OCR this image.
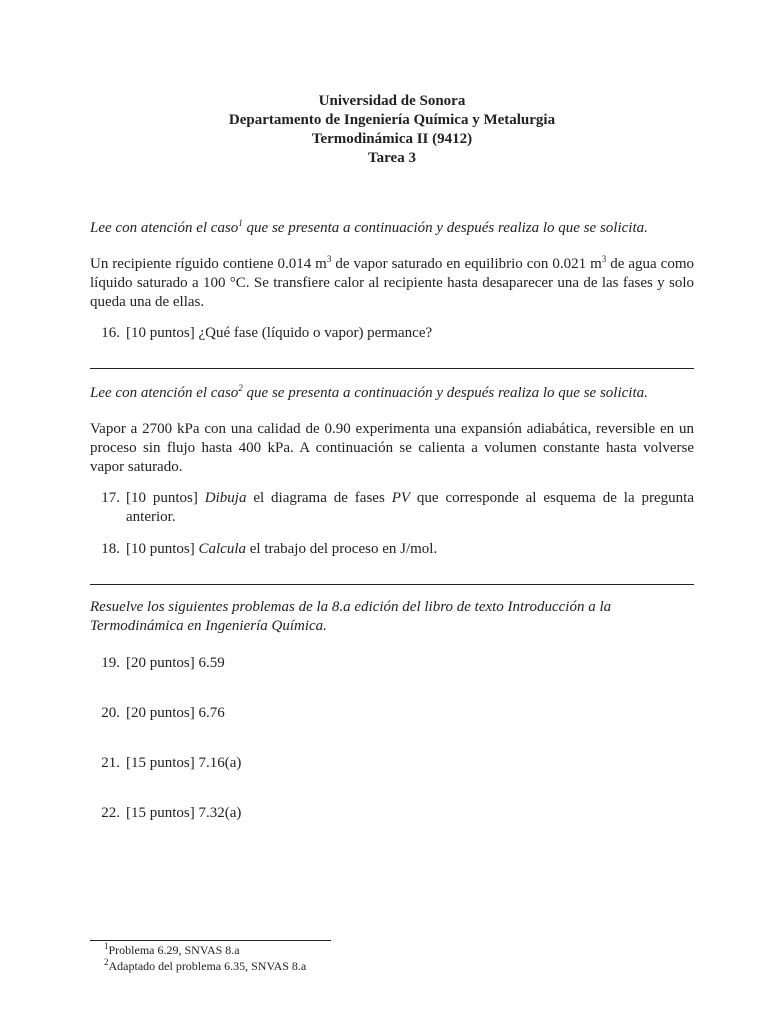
Universidad de Sonora
Departamento de Ingeniería Química y Metalurgia
Termodinámica II (9412)
Tarea 3
Lee con atención el caso$^1$ que se presenta a continuación y después realiza lo que se solicita.
Un recipiente ríguido contiene 0.014 $m^3$ de vapor saturado en equilibrio con 0.021 $m^3$ de agua como líquido saturado a 100 °C. Se transfiere calor al recipiente hasta desaparecer una de las fases y solo queda una de ellas.
16. [10 puntos] ¿Qué fase (líquido o vapor) permance?
Lee con atención el caso$^2$ que se presenta a continuación y después realiza lo que se solicita.
Vapor a 2700 kPa con una calidad de 0.90 experimenta una expansión adiabática, reversible en un proceso sin flujo hasta 400 kPa. A continuación se calienta a volumen constante hasta volverse vapor saturado.
17. [10 puntos] Dibuja el diagrama de fases PV que corresponde al esquema de la pregunta anterior.
18. [10 puntos] Calcula el trabajo del proceso en J/mol.
Resuelve los siguientes problemas de la 8.a edición del libro de texto Introducción a la Termodinámica en Ingeniería Química.
19. [20 puntos] 6.59
20. [20 puntos] 6.76
21. [15 puntos] 7.16(a)
22. [15 puntos] 7.32(a)
$^1$Problema 6.29, SNVAS 8.a
$^2$Adaptado del problema 6.35, SNVAS 8.a
